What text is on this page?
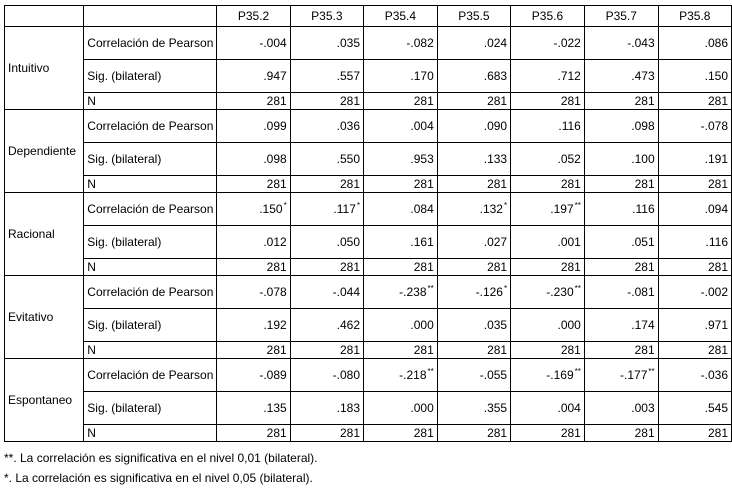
		P35.2	P35.3	P35.4	P35.5	P35.6	P35.7	P35.8
Intuitivo	Correlación de Pearson	-.004	.035	-.082	.024	-.022	-.043	.086
	Sig. (bilateral)	.947	.557	.170	.683	.712	.473	.150
	N	281	281	281	281	281	281	281
Dependiente	Correlación de Pearson	.099	.036	.004	.090	.116	.098	-.078
	Sig. (bilateral)	.098	.550	.953	.133	.052	.100	.191
	N	281	281	281	281	281	281	281
Racional	Correlación de Pearson	.150*	.117*	.084	.132*	.197**	.116	.094
	Sig. (bilateral)	.012	.050	.161	.027	.001	.051	.116
	N	281	281	281	281	281	281	281
Evitativo	Correlación de Pearson	-.078	-.044	-.238**	-.126*	-.230**	-.081	-.002
	Sig. (bilateral)	.192	.462	.000	.035	.000	.174	.971
	N	281	281	281	281	281	281	281
Espontaneo	Correlación de Pearson	-.089	-.080	-.218**	-.055	-.169**	-.177**	-.036
	Sig. (bilateral)	.135	.183	.000	.355	.004	.003	.545
	N	281	281	281	281	281	281	281
**. La correlación es significativa en el nivel 0,01 (bilateral).
*. La correlación es significativa en el nivel 0,05 (bilateral).
